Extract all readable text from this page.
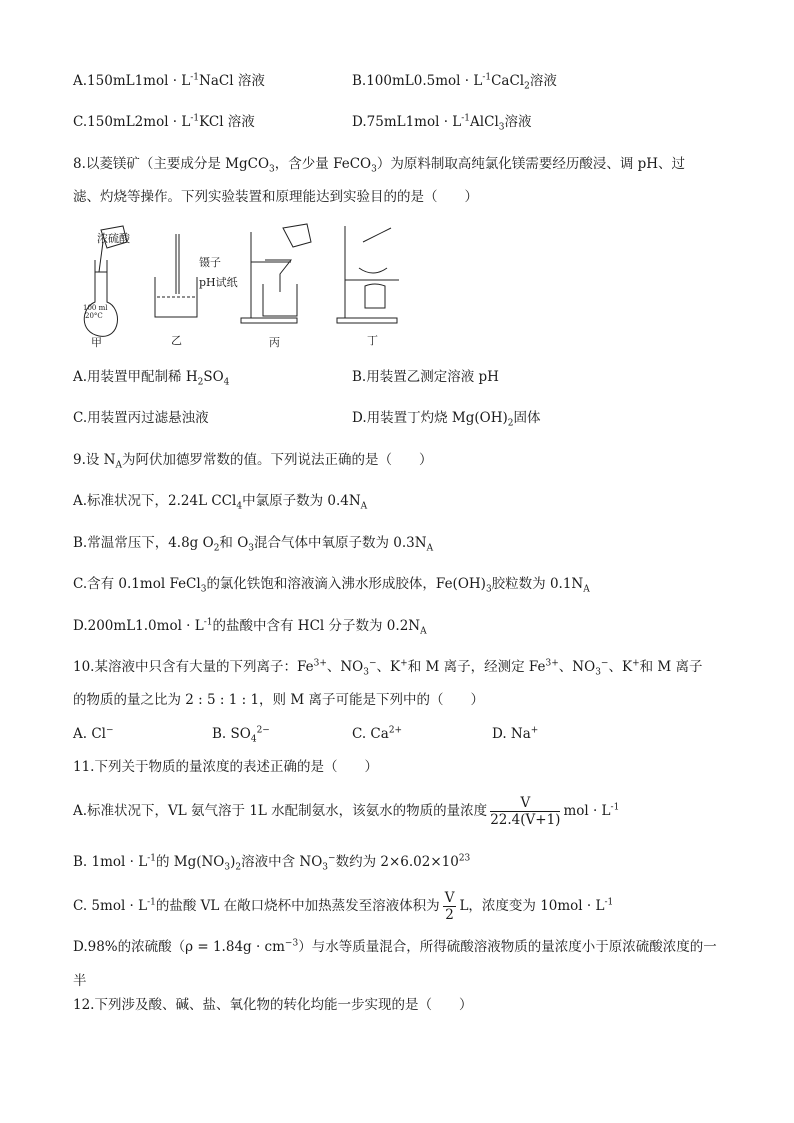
$A.150mL1mol \cdot L^{-1}NaCl$ 溶液	$B.100mL0.5mol \cdot L^{-1}CaCl_2$溶液
$C.150mL2mol \cdot L^{-1}KCl$ 溶液	$D.75mL1mol \cdot L^{-1}AlCl_3$溶液
8.以菱镁矿（主要成分是 MgCO$_3$，含少量 FeCO$_3$）为原料制取高纯氯化镁需要经历酸浸、调 pH、过
滤、灼烧等操作。下列实验装置和原理能达到实验目的的是（　　）
浓硫酸
100 ml
20°C
镊子
pH试纸
甲	乙	丙	丁
A.用装置甲配制稀 $H_2SO_4$	B.用装置乙测定溶液 pH
C.用装置丙过滤悬浊液	D.用装置丁灼烧 $Mg(OH)_2$固体
9.设 $N_A$为阿伏加德罗常数的值。下列说法正确的是（　　）
A.标准状况下，2.24L CCl$_4$中氯原子数为 $0.4N_A$
B.常温常压下，4.8g $O_2$和 $O_3$混合气体中氧原子数为 $0.3N_A$
C.含有 0.1mol FeCl$_3$的氯化铁饱和溶液滴入沸水形成胶体，$Fe(OH)_3$胶粒数为 $0.1N_A$
$D.200mL1.0mol \cdot L^{-1}$的盐酸中含有 HCl 分子数为 $0.2N_A$
10.某溶液中只含有大量的下列离子：$Fe^{3+}$、$NO_3^-$、K+和 M 离子，经测定 $Fe^{3+}$、$NO_3^-$、K+和 M 离子
的物质的量之比为 2 : 5 : 1 : 1，则 M 离子可能是下列中的（　　）
A. Cl−	B. $SO_4^{2-}$	C. $Ca^{2+}$	D. Na+
11.下列关于物质的量浓度的表述正确的是（　　）
A.标准状况下，VL 氨气溶于 1L 水配制氨水，该氨水的物质的量浓度 $\frac{V}{22.4(V+1)}$ mol · $L^{-1}$
B. $1mol \cdot L^{-1}$的 $Mg(NO_3)_2$溶液中含 $NO_3^-$数约为 $2\times 6.02\times 10^{23}$
C. $5mol \cdot L^{-1}$的盐酸 VL 在敞口烧杯中加热蒸发至溶液体积为 $\frac{V}{2}$ L，浓度变为 $10mol \cdot L^{-1}$
D.98%的浓硫酸$(\rho = 1.84g \cdot cm^{-3})$与水等质量混合，所得硫酸溶液物质的量浓度小于原浓硫酸浓度的一
半
12.下列涉及酸、碱、盐、氧化物的转化均能一步实现的是（　　）
